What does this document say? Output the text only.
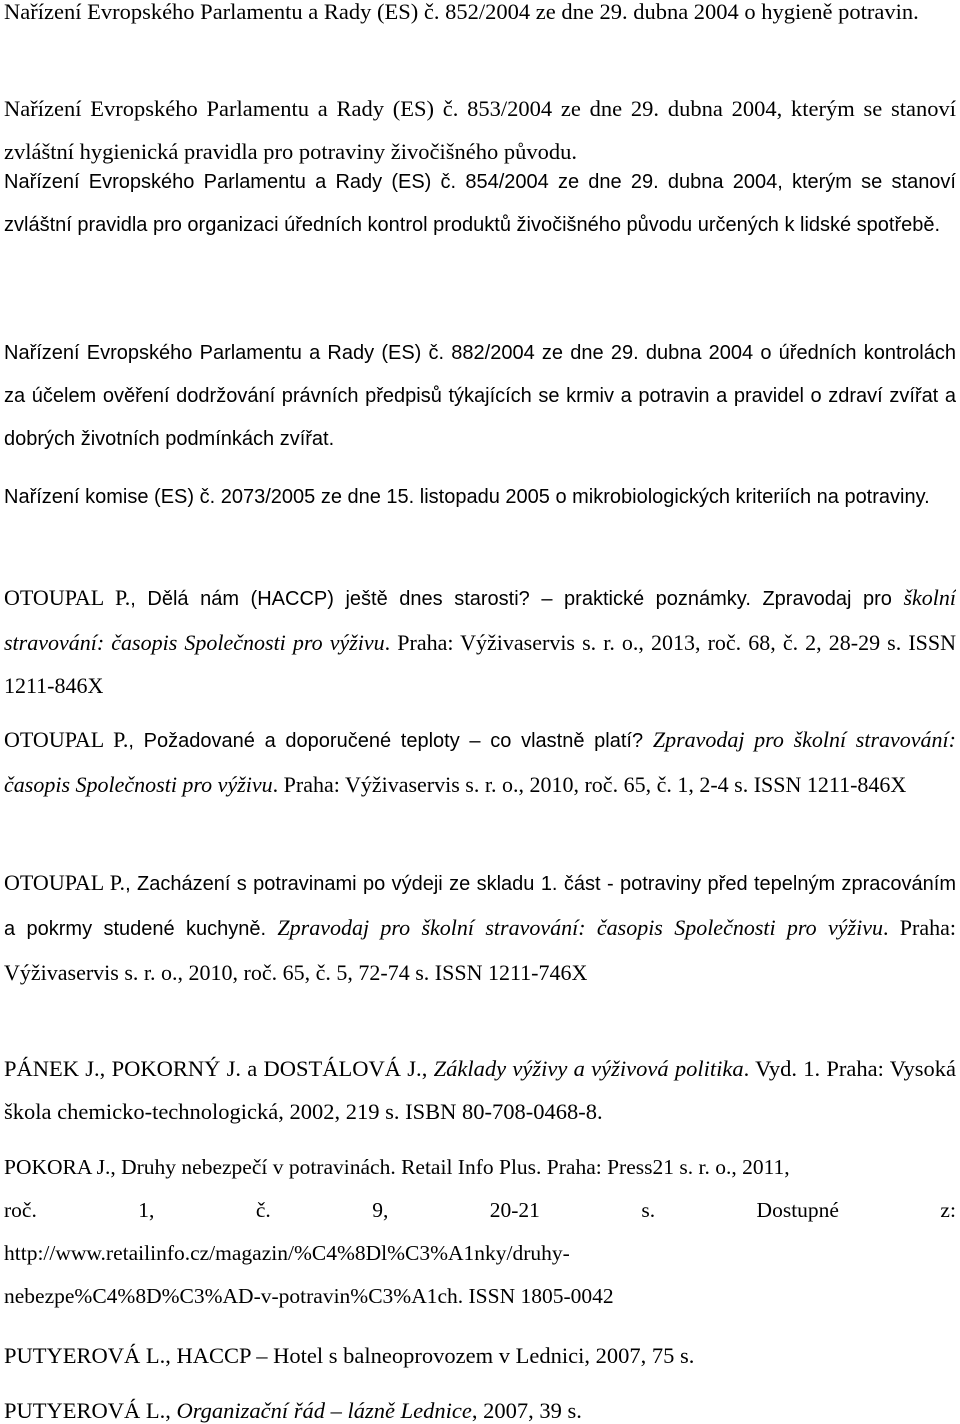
Nařízení Evropského Parlamentu a Rady (ES) č. 852/2004 ze dne 29. dubna 2004 o hygieně potravin.

Nařízení Evropského Parlamentu a Rady (ES) č. 853/2004 ze dne 29. dubna 2004, kterým se stanoví zvláštní hygienická pravidla pro potraviny živočišného původu.

Nařízení Evropského Parlamentu a Rady (ES) č. 854/2004 ze dne 29. dubna 2004, kterým se stanoví zvláštní pravidla pro organizaci úředních kontrol produktů živočišného původu určených k lidské spotřebě.

Nařízení Evropského Parlamentu a Rady (ES) č. 882/2004 ze dne 29. dubna 2004 o úředních kontrolách za účelem ověření dodržování právních předpisů týkajících se krmiv a potravin a pravidel o zdraví zvířat a dobrých životních podmínkách zvířat.

Nařízení komise (ES) č. 2073/2005 ze dne 15. listopadu 2005 o mikrobiologických kriteriích na potraviny.

OTOUPAL P., Dělá nám (HACCP) ještě dnes starosti? – praktické poznámky. Zpravodaj pro školní stravování: časopis Společnosti pro výživu. Praha: Výživaservis s. r. o., 2013, roč. 68, č. 2, 28-29 s. ISSN 1211-846X

OTOUPAL P., Požadované a doporučené teploty – co vlastně platí? Zpravodaj pro školní stravování: časopis Společnosti pro výživu. Praha: Výživaservis s. r. o., 2010, roč. 65, č. 1, 2-4 s. ISSN 1211-846X

OTOUPAL P., Zacházení s potravinami po výdeji ze skladu 1. část - potraviny před tepelným zpracováním a pokrmy studené kuchyně. Zpravodaj pro školní stravování: časopis Společnosti pro výživu. Praha: Výživaservis s. r. o., 2010, roč. 65, č. 5, 72-74 s. ISSN 1211-746X

PÁNEK J., POKORNÝ J. a DOSTÁLOVÁ J., Základy výživy a výživová politika. Vyd. 1. Praha: Vysoká škola chemicko-technologická, 2002, 219 s. ISBN 80-708-0468-8.

POKORA J., Druhy nebezpečí v potravinách. Retail Info Plus. Praha: Press21 s. r. o., 2011,
roč.	1,	č.	9,	20-21	s.	Dostupné	z:
http://www.retailinfo.cz/magazin/%C4%8Dl%C3%A1nky/druhy-
nebezpe%C4%8D%C3%AD-v-potravin%C3%A1ch. ISSN 1805-0042

PUTYEROVÁ L., HACCP – Hotel s balneoprovozem v Lednici, 2007, 75 s.

PUTYEROVÁ L., Organizační řád – lázně Lednice, 2007, 39 s.
